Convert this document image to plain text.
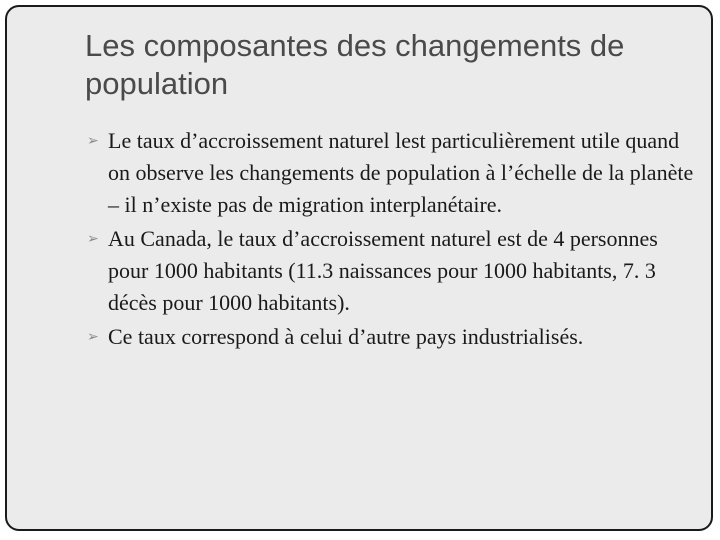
Les composantes des changements de population
➢ Le taux d’accroissement naturel lest particulièrement utile quand on observe les changements de population à l’échelle de la planète – il n’existe pas de migration interplanétaire.
➢ Au Canada, le taux d’accroissement naturel est de 4 personnes pour 1000 habitants (11.3 naissances pour 1000 habitants, 7. 3 décès pour 1000 habitants).
➢ Ce taux correspond à celui d’autre pays industrialisés.
